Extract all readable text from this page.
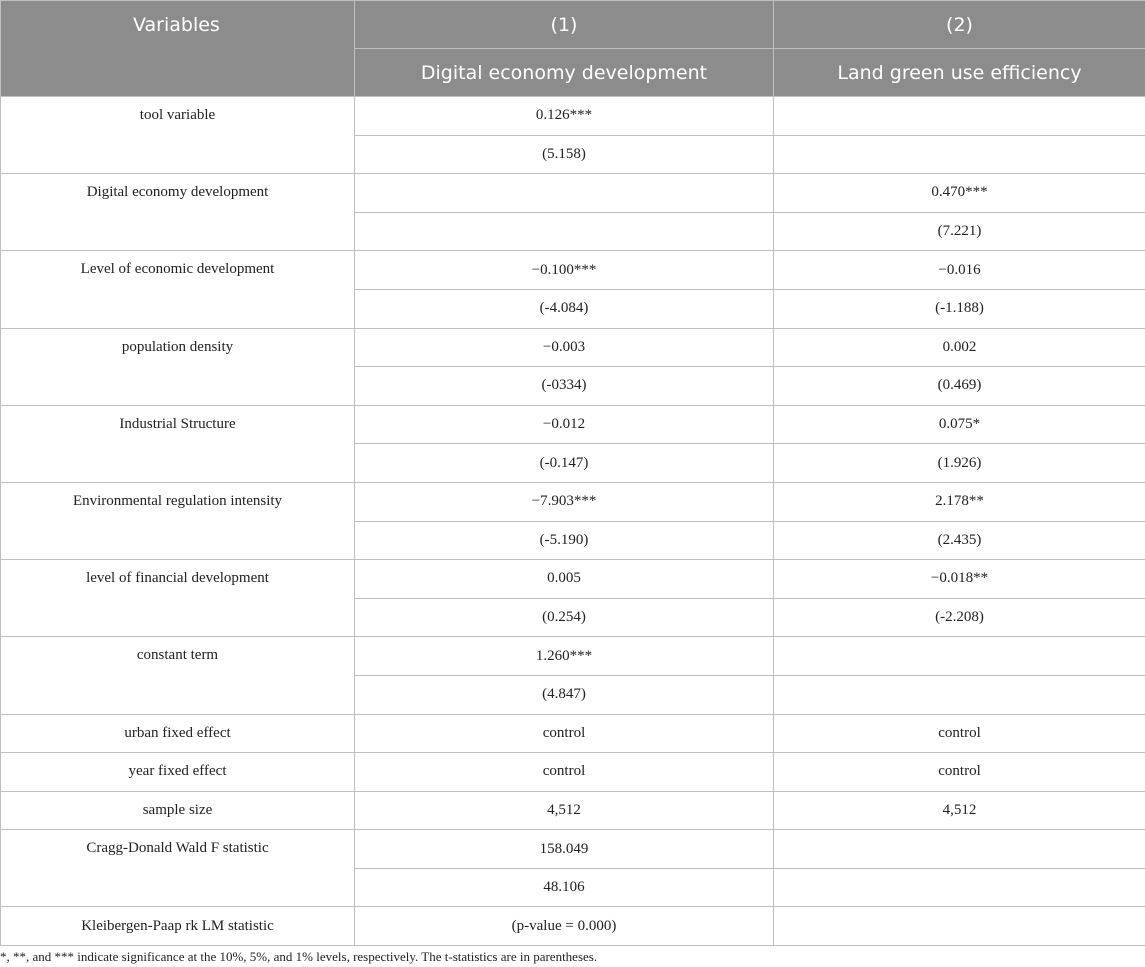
Variables	(1)	(2)
	Digital economy development	Land green use efficiency
tool variable	0.126***	
	(5.158)	
Digital economy development		0.470***
		(7.221)
Level of economic development	−0.100***	−0.016
	(-4.084)	(-1.188)
population density	−0.003	0.002
	(-0334)	(0.469)
Industrial Structure	−0.012	0.075*
	(-0.147)	(1.926)
Environmental regulation intensity	−7.903***	2.178**
	(-5.190)	(2.435)
level of financial development	0.005	−0.018**
	(0.254)	(-2.208)
constant term	1.260***	
	(4.847)	
urban fixed effect	control	control
year fixed effect	control	control
sample size	4,512	4,512
Cragg-Donald Wald F statistic	158.049	
	48.106	
Kleibergen-Paap rk LM statistic	(p-value = 0.000)	
*, **, and *** indicate significance at the 10%, 5%, and 1% levels, respectively. The t-statistics are in parentheses.
